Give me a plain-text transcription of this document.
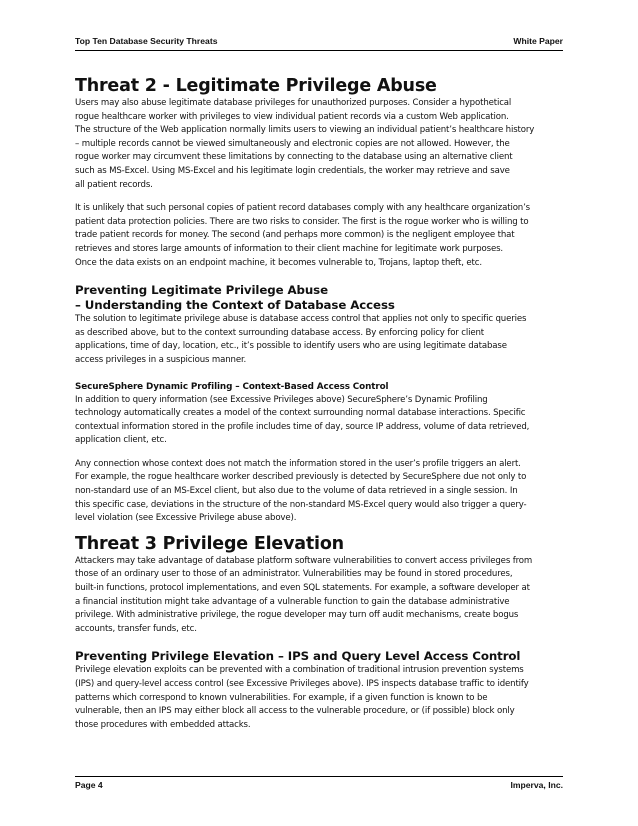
Top Ten Database Security Threats	White Paper
Threat 2 - Legitimate Privilege Abuse

Users may also abuse legitimate database privileges for unauthorized purposes. Consider a hypothetical
rogue healthcare worker with privileges to view individual patient records via a custom Web application.
The structure of the Web application normally limits users to viewing an individual patient’s healthcare history
– multiple records cannot be viewed simultaneously and electronic copies are not allowed. However, the
rogue worker may circumvent these limitations by connecting to the database using an alternative client
such as MS-Excel. Using MS-Excel and his legitimate login credentials, the worker may retrieve and save
all patient records.

It is unlikely that such personal copies of patient record databases comply with any healthcare organization’s
patient data protection policies. There are two risks to consider. The first is the rogue worker who is willing to
trade patient records for money. The second (and perhaps more common) is the negligent employee that
retrieves and stores large amounts of information to their client machine for legitimate work purposes.
Once the data exists on an endpoint machine, it becomes vulnerable to, Trojans, laptop theft, etc.

Preventing Legitimate Privilege Abuse
– Understanding the Context of Database Access

The solution to legitimate privilege abuse is database access control that applies not only to specific queries
as described above, but to the context surrounding database access. By enforcing policy for client
applications, time of day, location, etc., it’s possible to identify users who are using legitimate database
access privileges in a suspicious manner.

SecureSphere Dynamic Profiling – Context-Based Access Control

In addition to query information (see Excessive Privileges above) SecureSphere’s Dynamic Profiling
technology automatically creates a model of the context surrounding normal database interactions. Specific
contextual information stored in the profile includes time of day, source IP address, volume of data retrieved,
application client, etc.

Any connection whose context does not match the information stored in the user’s profile triggers an alert.
For example, the rogue healthcare worker described previously is detected by SecureSphere due not only to
non-standard use of an MS-Excel client, but also due to the volume of data retrieved in a single session. In
this specific case, deviations in the structure of the non-standard MS-Excel query would also trigger a query-
level violation (see Excessive Privilege abuse above).

Threat 3 Privilege Elevation

Attackers may take advantage of database platform software vulnerabilities to convert access privileges from
those of an ordinary user to those of an administrator. Vulnerabilities may be found in stored procedures,
built-in functions, protocol implementations, and even SQL statements. For example, a software developer at
a financial institution might take advantage of a vulnerable function to gain the database administrative
privilege. With administrative privilege, the rogue developer may turn off audit mechanisms, create bogus
accounts, transfer funds, etc.

Preventing Privilege Elevation – IPS and Query Level Access Control

Privilege elevation exploits can be prevented with a combination of traditional intrusion prevention systems
(IPS) and query-level access control (see Excessive Privileges above). IPS inspects database traffic to identify
patterns which correspond to known vulnerabilities. For example, if a given function is known to be
vulnerable, then an IPS may either block all access to the vulnerable procedure, or (if possible) block only
those procedures with embedded attacks.

Page 4	Imperva, Inc.
